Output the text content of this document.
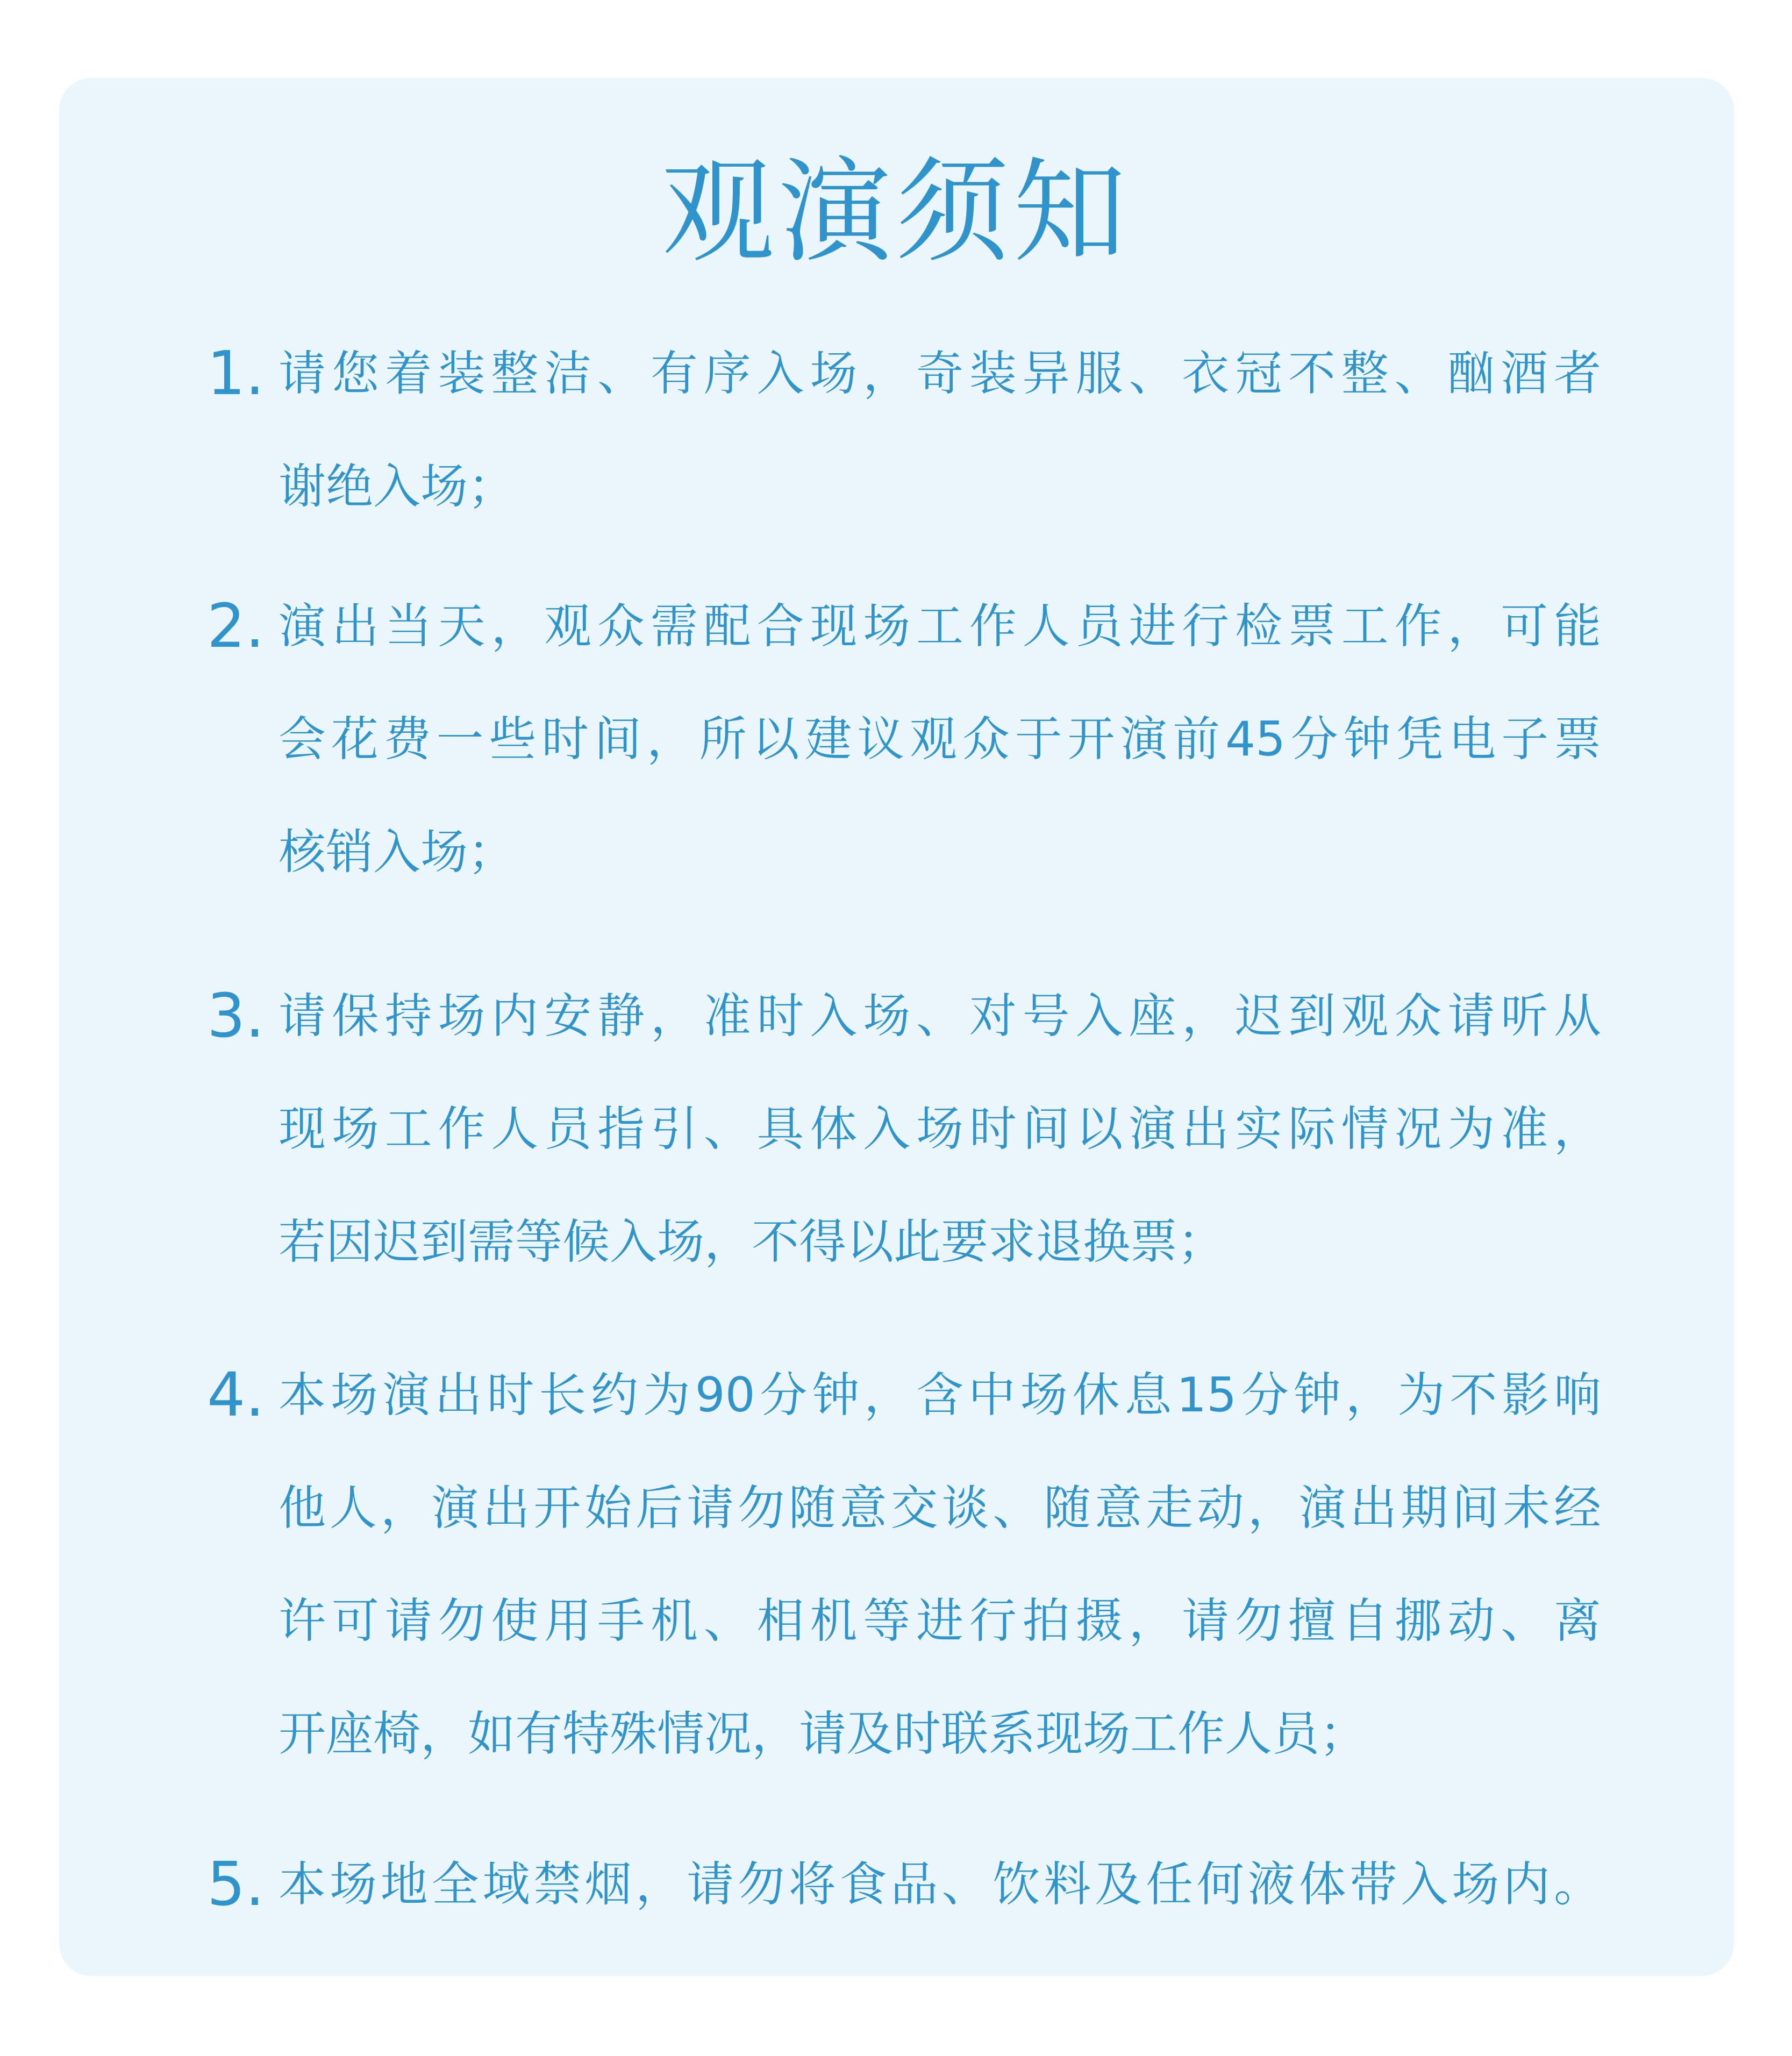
观演须知
1. 请您着装整洁、有序入场，奇装异服、衣冠不整、酗酒者
谢绝入场；
2. 演出当天，观众需配合现场工作人员进行检票工作，可能
会花费一些时间，所以建议观众于开演前45分钟凭电子票
核销入场；
3. 请保持场内安静，准时入场、对号入座，迟到观众请听从
现场工作人员指引、具体入场时间以演出实际情况为准，
若因迟到需等候入场，不得以此要求退换票；
4. 本场演出时长约为90分钟，含中场休息15分钟，为不影响
他人，演出开始后请勿随意交谈、随意走动，演出期间未经
许可请勿使用手机、相机等进行拍摄，请勿擅自挪动、离
开座椅，如有特殊情况，请及时联系现场工作人员；
5. 本场地全域禁烟，请勿将食品、饮料及任何液体带入场内。
